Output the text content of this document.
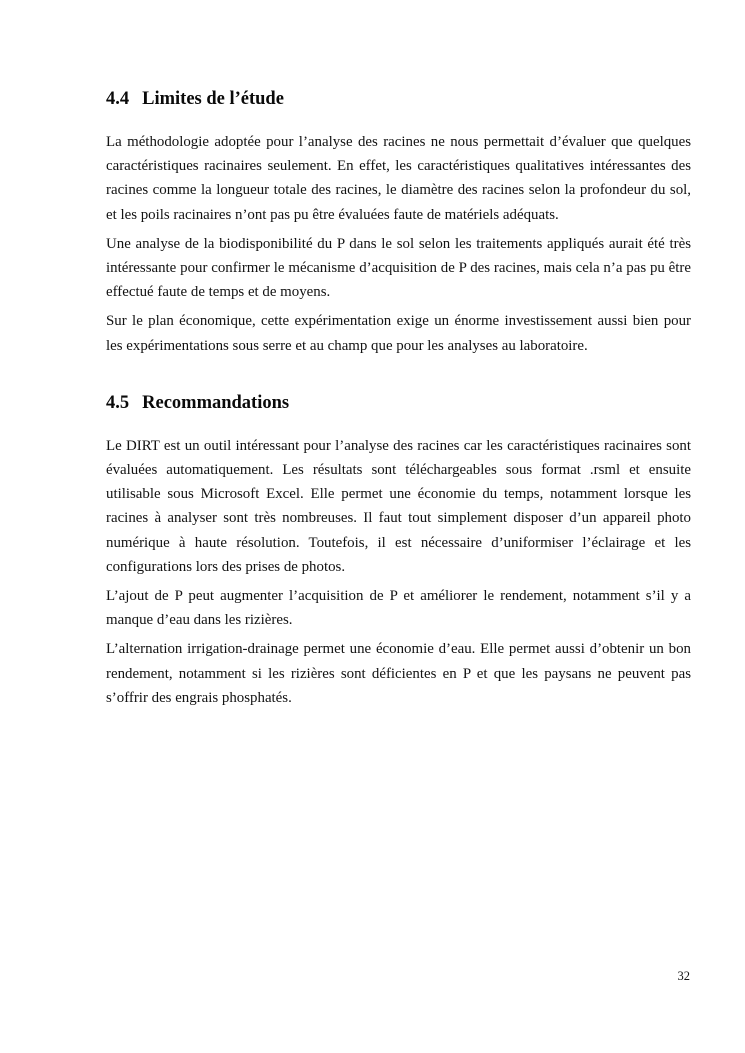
4.4 Limites de l’étude

La méthodologie adoptée pour l’analyse des racines ne nous permettait d’évaluer que quelques caractéristiques racinaires seulement. En effet, les caractéristiques qualitatives intéressantes des racines comme la longueur totale des racines, le diamètre des racines selon la profondeur du sol, et les poils racinaires n’ont pas pu être évaluées faute de matériels adéquats.

Une analyse de la biodisponibilité du P dans le sol selon les traitements appliqués aurait été très intéressante pour confirmer le mécanisme d’acquisition de P des racines, mais cela n’a pas pu être effectué faute de temps et de moyens.

Sur le plan économique, cette expérimentation exige un énorme investissement aussi bien pour les expérimentations sous serre et au champ que pour les analyses au laboratoire.

4.5 Recommandations

Le DIRT est un outil intéressant pour l’analyse des racines car les caractéristiques racinaires sont évaluées automatiquement. Les résultats sont téléchargeables sous format .rsml et ensuite utilisable sous Microsoft Excel. Elle permet une économie du temps, notamment lorsque les racines à analyser sont très nombreuses. Il faut tout simplement disposer d’un appareil photo numérique à haute résolution. Toutefois, il est nécessaire d’uniformiser l’éclairage et les configurations lors des prises de photos.

L’ajout de P peut augmenter l’acquisition de P et améliorer le rendement, notamment s’il y a manque d’eau dans les rizières.

L’alternation irrigation-drainage permet une économie d’eau. Elle permet aussi d’obtenir un bon rendement, notamment si les rizières sont déficientes en P et que les paysans ne peuvent pas s’offrir des engrais phosphatés.

32
